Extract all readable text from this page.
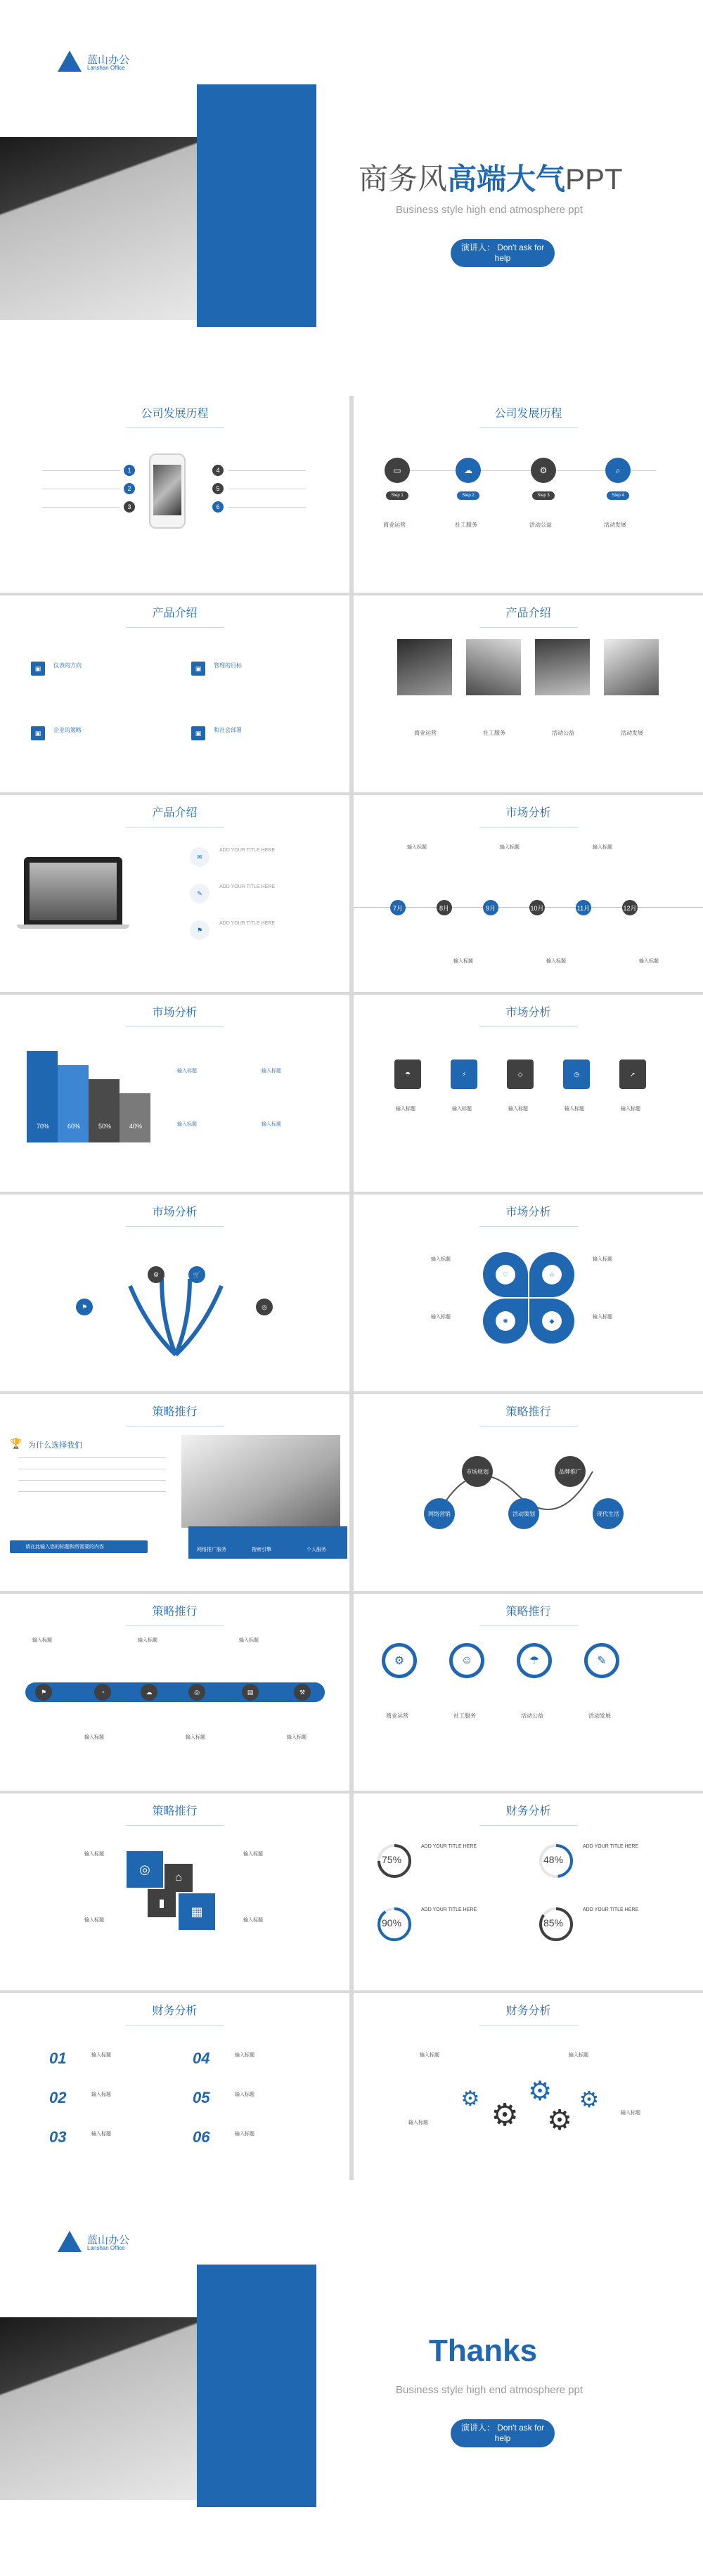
蓝山办公
Lanshan Office
商务风高端大气PPT
Business style high end atmosphere ppt
演讲人： Don't ask for help
公司发展历程
1
2
3
4
5
6
公司发展历程
▭	☁	⚙	⌕
Step 1	Step 2	Step 3	Step 4
商业运营	社工服务	活动公益	活动发展
产品介绍
▣	▣
▣	▣
仪表的方向	管理的目标
企业的策略	和社会部署
产品介绍
商业运营	社工服务	活动公益	活动发展
产品介绍
✉
✎
⚑
ADD YOUR TITLE HERE
ADD YOUR TITLE HERE
ADD YOUR TITLE HERE
市场分析
7月	8月	9月	10月	11月	12月
输入标题	输入标题	输入标题
输入标题	输入标题	输入标题
市场分析
70%	60%	50%	40%
输入标题	输入标题
输入标题	输入标题
市场分析
☂	⚡	◇	◷	➚
输入标题	输入标题	输入标题	输入标题	输入标题
市场分析
⚑
⚙	🛒
◎
市场分析
♡	☆
✺	◆
输入标题	输入标题
输入标题	输入标题
策略推行
🏆 为什么选择我们
请在此输入您的标题和所需要的内容
网络推广服务	搜索引擎	个人服务
策略推行
网络营销
市场规划
活动策划
品牌推广
现代生活
策略推行
⚑	◔	☁	◎	▤	⚒
输入标题	输入标题	输入标题
输入标题	输入标题	输入标题
策略推行
⚙	☺	☂	✎
商业运营	社工服务	活动公益	活动发展
策略推行
◎
⌂
▮
▦
输入标题	输入标题
输入标题	输入标题
财务分析
75%	48%
90%	85%
ADD YOUR TITLE HERE	ADD YOUR TITLE HERE
ADD YOUR TITLE HERE	ADD YOUR TITLE HERE
财务分析
01
02
03
04
05
06
输入标题
输入标题
输入标题
输入标题
输入标题
输入标题
财务分析
⚙ ⚙
⚙
⚙
⚙
输入标题	输入标题
输入标题
输入标题
蓝山办公
Lanshan Office
Thanks
Business style high end atmosphere ppt
演讲人： Don't ask for help
